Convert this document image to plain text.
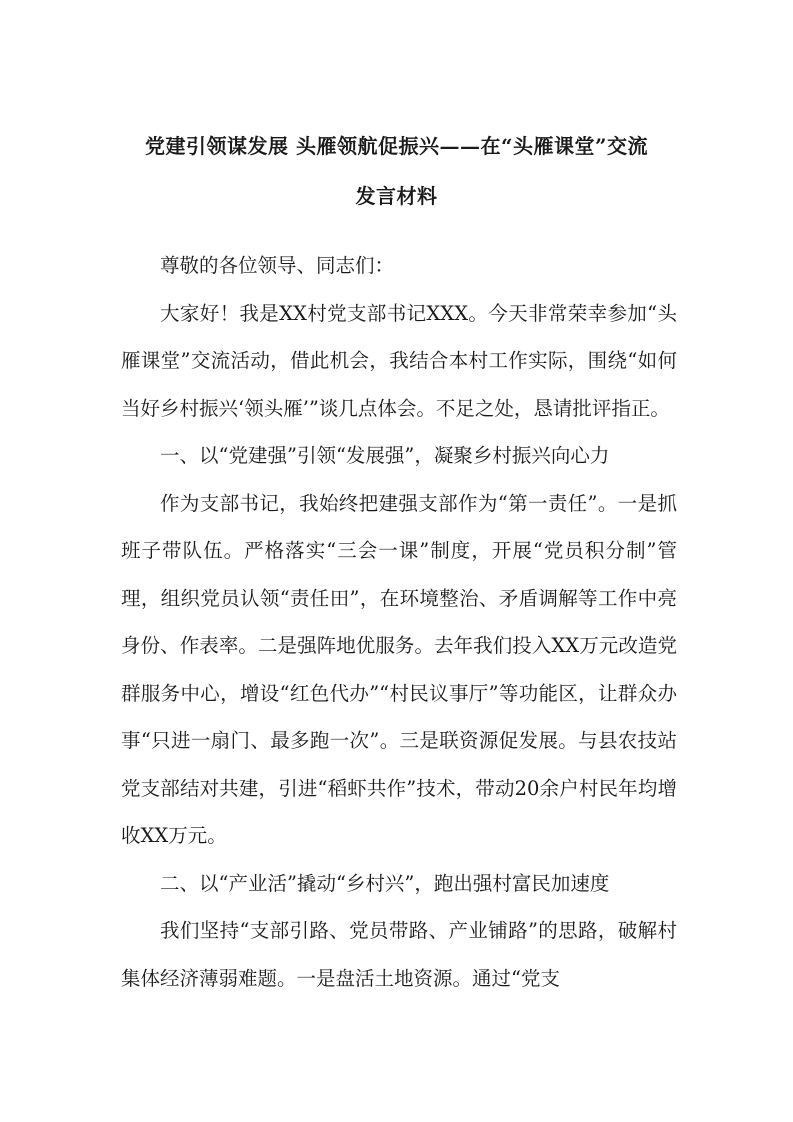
党建引领谋发展 头雁领航促振兴——在“头雁课堂”交流
发言材料

尊敬的各位领导、同志们：

大家好！我是XX村党支部书记XXX。今天非常荣幸参加“头雁课堂”交流活动，借此机会，我结合本村工作实际，围绕“如何当好乡村振兴‘领头雁’”谈几点体会。不足之处，恳请批评指正。

一、以“党建强”引领“发展强”，凝聚乡村振兴向心力

作为支部书记，我始终把建强支部作为“第一责任”。一是抓班子带队伍。严格落实“三会一课”制度，开展“党员积分制”管理，组织党员认领“责任田”，在环境整治、矛盾调解等工作中亮身份、作表率。二是强阵地优服务。去年我们投入XX万元改造党群服务中心，增设“红色代办”“村民议事厅”等功能区，让群众办事“只进一扇门、最多跑一次”。三是联资源促发展。与县农技站党支部结对共建，引进“稻虾共作”技术，带动20余户村民年均增收XX万元。

二、以“产业活”撬动“乡村兴”，跑出强村富民加速度

我们坚持“支部引路、党员带路、产业铺路”的思路，破解村集体经济薄弱难题。一是盘活土地资源。通过“党支
